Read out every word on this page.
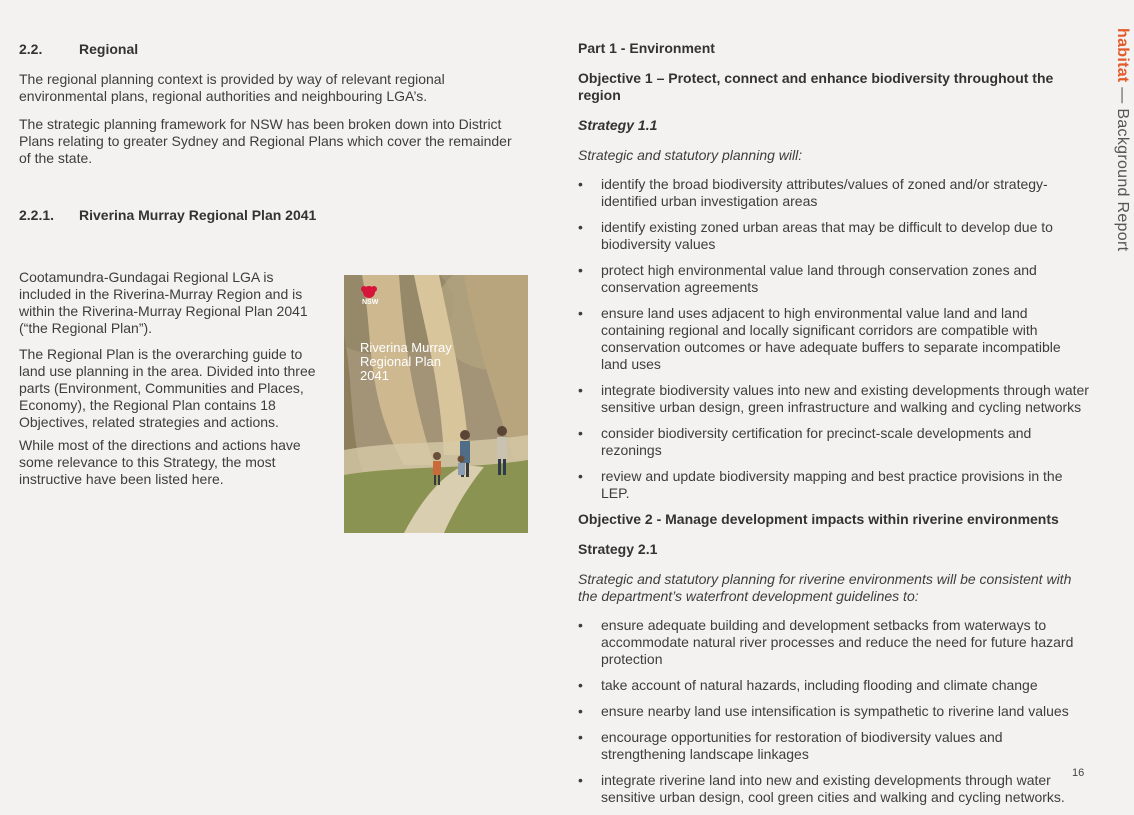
habitat — Background Report
2.2.	Regional
The regional planning context is provided by way of relevant regional environmental plans, regional authorities and neighbouring LGA’s.
The strategic planning framework for NSW has been broken down into District Plans relating to greater Sydney and Regional Plans which cover the remainder of the state.
2.2.1. Riverina Murray Regional Plan 2041
Cootamundra-Gundagai Regional LGA is included in the Riverina-Murray Region and is within the Riverina-Murray Regional Plan 2041 (“the Regional Plan”).
The Regional Plan is the overarching guide to land use planning in the area. Divided into three parts (Environment, Communities and Places, Economy), the Regional Plan contains 18 Objectives, related strategies and actions.
While most of the directions and actions have some relevance to this Strategy, the most instructive have been listed here.
NSW
Riverina Murray Regional Plan 2041
Part 1 - Environment
Objective 1 – Protect, connect and enhance biodiversity throughout the region
Strategy 1.1
Strategic and statutory planning will:
• identify the broad biodiversity attributes/values of zoned and/or strategy-identified urban investigation areas
• identify existing zoned urban areas that may be difficult to develop due to biodiversity values
• protect high environmental value land through conservation zones and conservation agreements
• ensure land uses adjacent to high environmental value land and land containing regional and locally significant corridors are compatible with conservation outcomes or have adequate buffers to separate incompatible land uses
• integrate biodiversity values into new and existing developments through water sensitive urban design, green infrastructure and walking and cycling networks
• consider biodiversity certification for precinct-scale developments and rezonings
• review and update biodiversity mapping and best practice provisions in the LEP.
Objective 2 - Manage development impacts within riverine environments
Strategy 2.1
Strategic and statutory planning for riverine environments will be consistent with the department’s waterfront development guidelines to:
• ensure adequate building and development setbacks from waterways to accommodate natural river processes and reduce the need for future hazard protection
• take account of natural hazards, including flooding and climate change
• ensure nearby land use intensification is sympathetic to riverine land values
• encourage opportunities for restoration of biodiversity values and strengthening landscape linkages
• integrate riverine land into new and existing developments through water sensitive urban design, cool green cities and walking and cycling networks.
16
